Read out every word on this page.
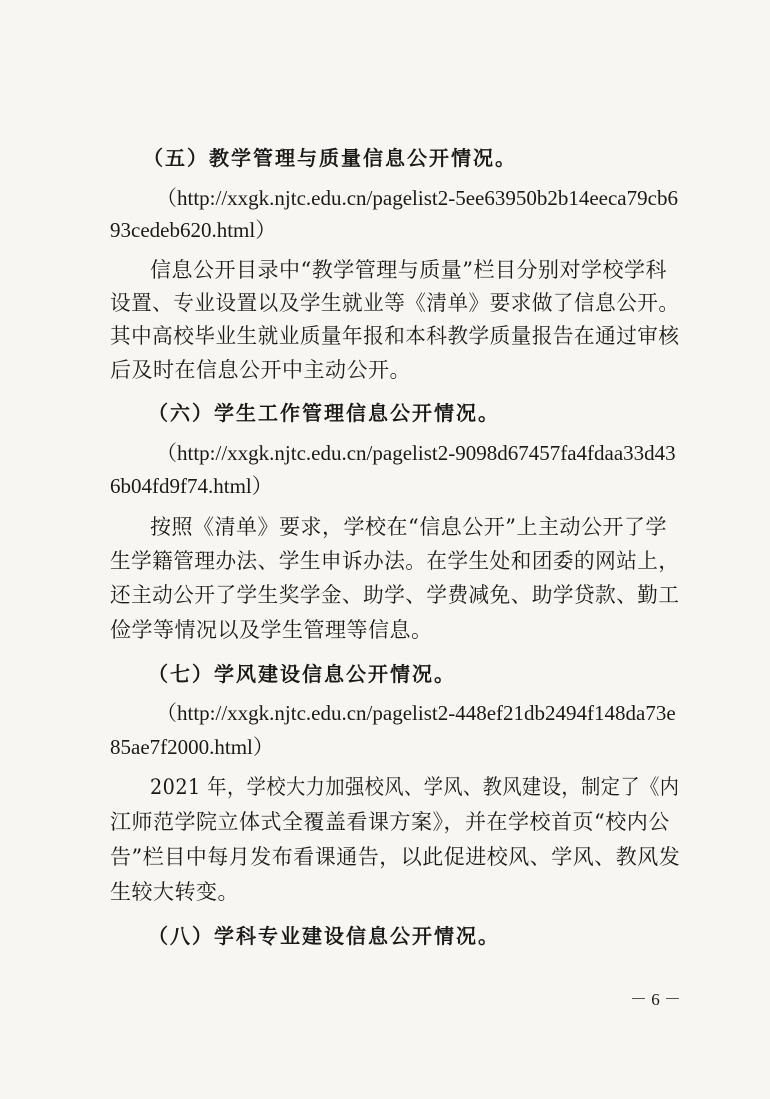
（五）教学管理与质量信息公开情况。
（http://xxgk.njtc.edu.cn/pagelist2-5ee63950b2b14eeca79cb6
93cedeb620.html）
信息公开目录中“教学管理与质量”栏目分别对学校学科
设置、专业设置以及学生就业等《清单》要求做了信息公开。
其中高校毕业生就业质量年报和本科教学质量报告在通过审核
后及时在信息公开中主动公开。
（六）学生工作管理信息公开情况。
（http://xxgk.njtc.edu.cn/pagelist2-9098d67457fa4fdaa33d43
6b04fd9f74.html）
按照《清单》要求，学校在“信息公开”上主动公开了学
生学籍管理办法、学生申诉办法。在学生处和团委的网站上，
还主动公开了学生奖学金、助学、学费减免、助学贷款、勤工
俭学等情况以及学生管理等信息。
（七）学风建设信息公开情况。
（http://xxgk.njtc.edu.cn/pagelist2-448ef21db2494f148da73e
85ae7f2000.html）
2021 年，学校大力加强校风、学风、教风建设，制定了《内
江师范学院立体式全覆盖看课方案》，并在学校首页“校内公
告”栏目中每月发布看课通告，以此促进校风、学风、教风发
生较大转变。
（八）学科专业建设信息公开情况。
－ 6 －
